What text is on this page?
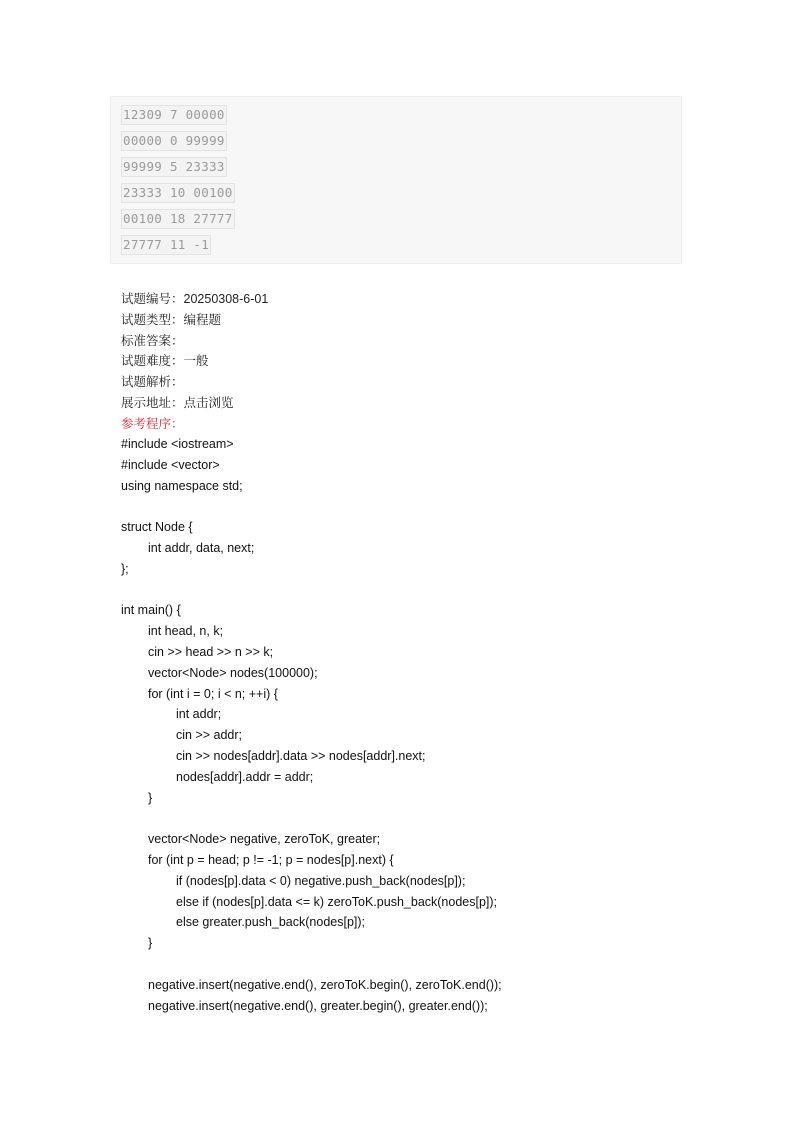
12309 7 00000
00000 0 99999
99999 5 23333
23333 10 00100
00100 18 27777
27777 11 -1
试题编号：20250308-6-01
试题类型：编程题
标准答案：
试题难度：一般
试题解析：
展示地址：点击浏览
参考程序：
#include <iostream>
#include <vector>
using namespace std;
struct Node {
int addr, data, next;
};
int main() {
int head, n, k;
cin >> head >> n >> k;
vector<Node> nodes(100000);
for (int i = 0; i < n; ++i) {
int addr;
cin >> addr;
cin >> nodes[addr].data >> nodes[addr].next;
nodes[addr].addr = addr;
}
vector<Node> negative, zeroToK, greater;
for (int p = head; p != -1; p = nodes[p].next) {
if (nodes[p].data < 0) negative.push_back(nodes[p]);
else if (nodes[p].data <= k) zeroToK.push_back(nodes[p]);
else greater.push_back(nodes[p]);
}
negative.insert(negative.end(), zeroToK.begin(), zeroToK.end());
negative.insert(negative.end(), greater.begin(), greater.end());
